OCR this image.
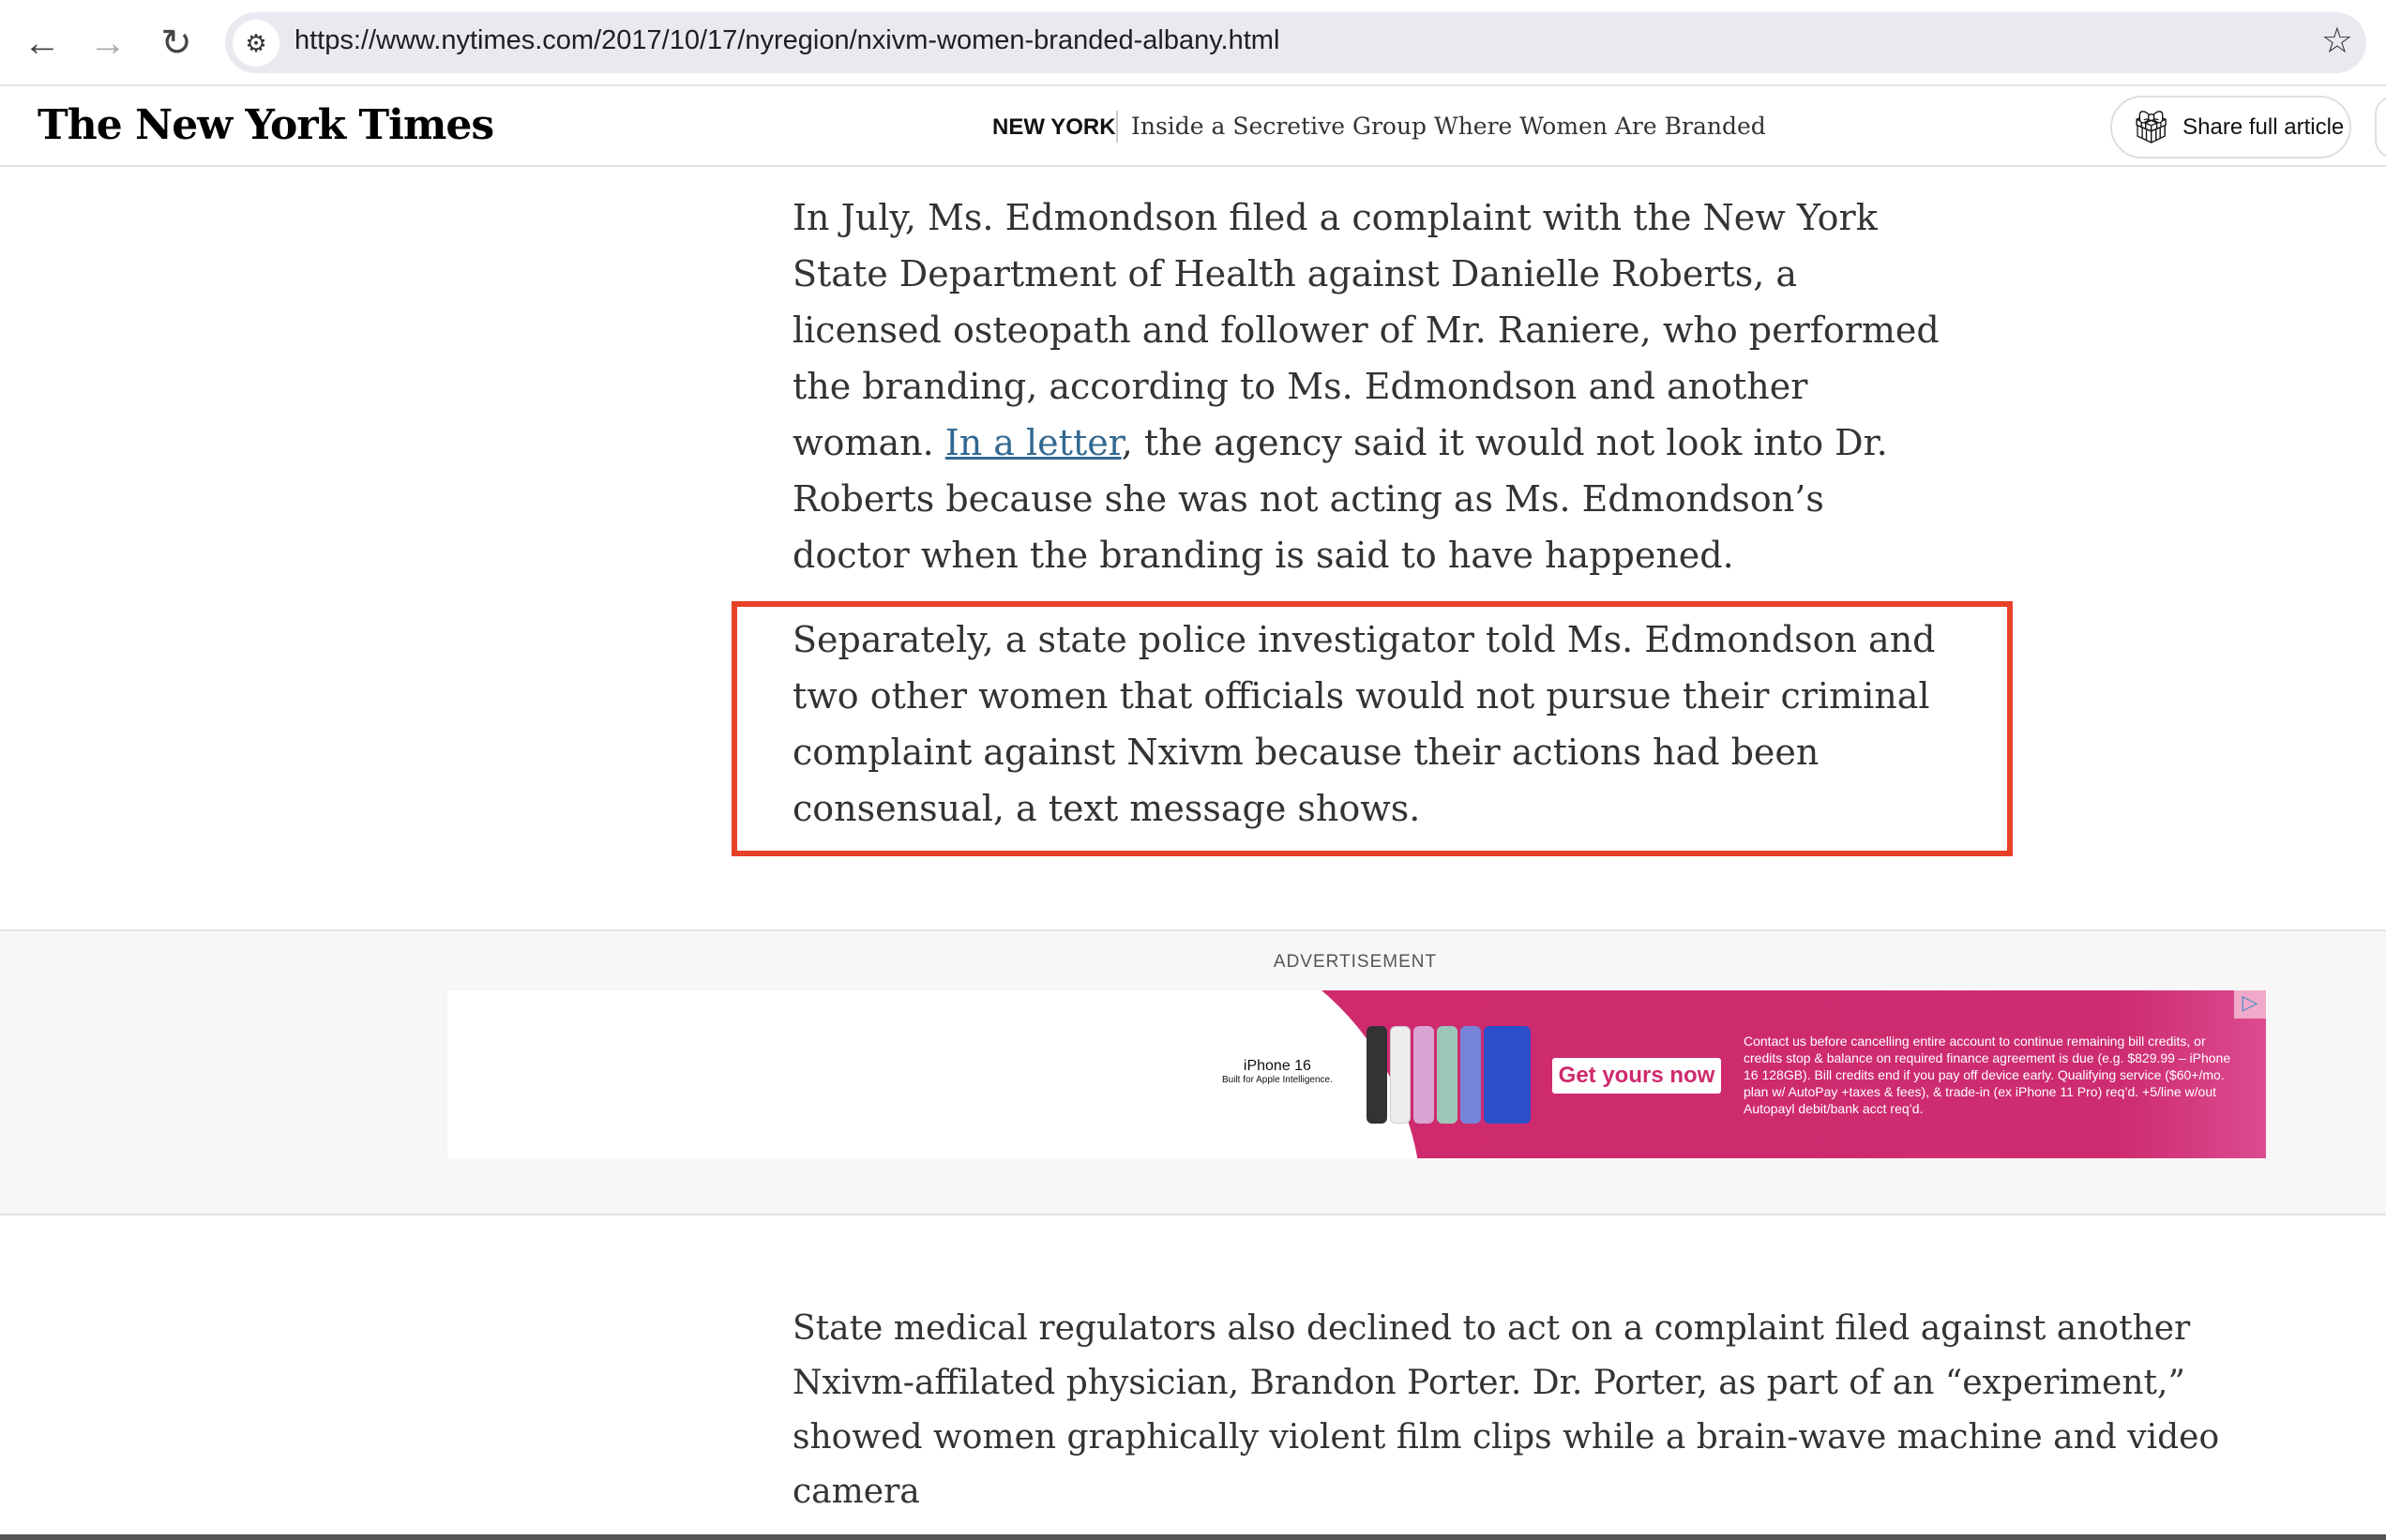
← → ↻	⚙	https://www.nytimes.com/2017/10/17/nyregion/nxivm-women-branded-albany.html	☆
The New York Times	NEW YORK Inside a Secretive Group Where Women Are Branded	🎁︎ Share full article

In July, Ms. Edmondson filed a complaint with the New York State Department of Health against Danielle Roberts, a licensed osteopath and follower of Mr. Raniere, who performed the branding, according to Ms. Edmondson and another woman. In a letter, the agency said it would not look into Dr. Roberts because she was not acting as Ms. Edmondson’s doctor when the branding is said to have happened.

Separately, a state police investigator told Ms. Edmondson and two other women that officials would not pursue their criminal complaint against Nxivm because their actions had been consensual, a text message shows.

ADVERTISEMENT
iPhone 16
Built for Apple Intelligence.	Get yours now
Contact us before cancelling entire account to continue remaining bill credits, or credits stop & balance on required finance agreement is due (e.g. $829.99 – iPhone 16 128GB). Bill credits end if you pay off device early. Qualifying service ($60+/mo. plan w/ AutoPay +taxes & fees), & trade-in (ex iPhone 11 Pro) req’d. +5/line w/out Autopayl debit/bank acct req’d.
▷

State medical regulators also declined to act on a complaint filed against another Nxivm-affilated physician, Brandon Porter. Dr. Porter, as part of an “experiment,” showed women graphically violent film clips while a brain-wave machine and video camera
